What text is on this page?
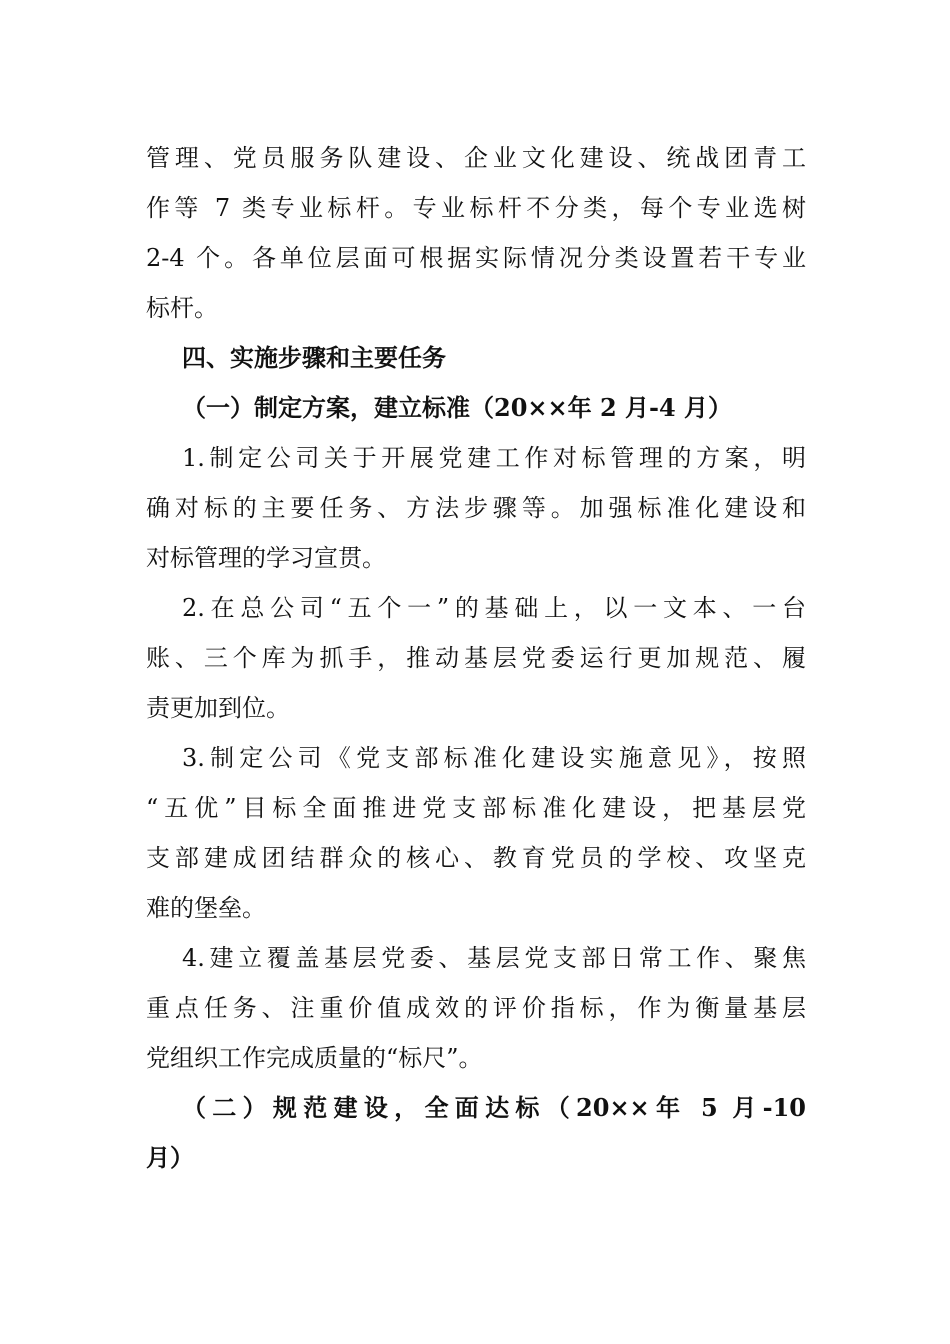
管理、党员服务队建设、企业文化建设、统战团青工
作等 7 类专业标杆。专业标杆不分类，每个专业选树
2-4 个。各单位层面可根据实际情况分类设置若干专业
标杆。
四、实施步骤和主要任务
（一）制定方案，建立标准（20××年 2 月-4 月）
1.制定公司关于开展党建工作对标管理的方案，明
确对标的主要任务、方法步骤等。加强标准化建设和
对标管理的学习宣贯。
2.在总公司“五个一”的基础上，以一文本、一台
账、三个库为抓手，推动基层党委运行更加规范、履
责更加到位。
3.制定公司《党支部标准化建设实施意见》，按照
“五优”目标全面推进党支部标准化建设，把基层党
支部建成团结群众的核心、教育党员的学校、攻坚克
难的堡垒。
4.建立覆盖基层党委、基层党支部日常工作、聚焦
重点任务、注重价值成效的评价指标，作为衡量基层
党组织工作完成质量的“标尺”。
（二）规范建设，全面达标（20××年 5 月-10
月）
